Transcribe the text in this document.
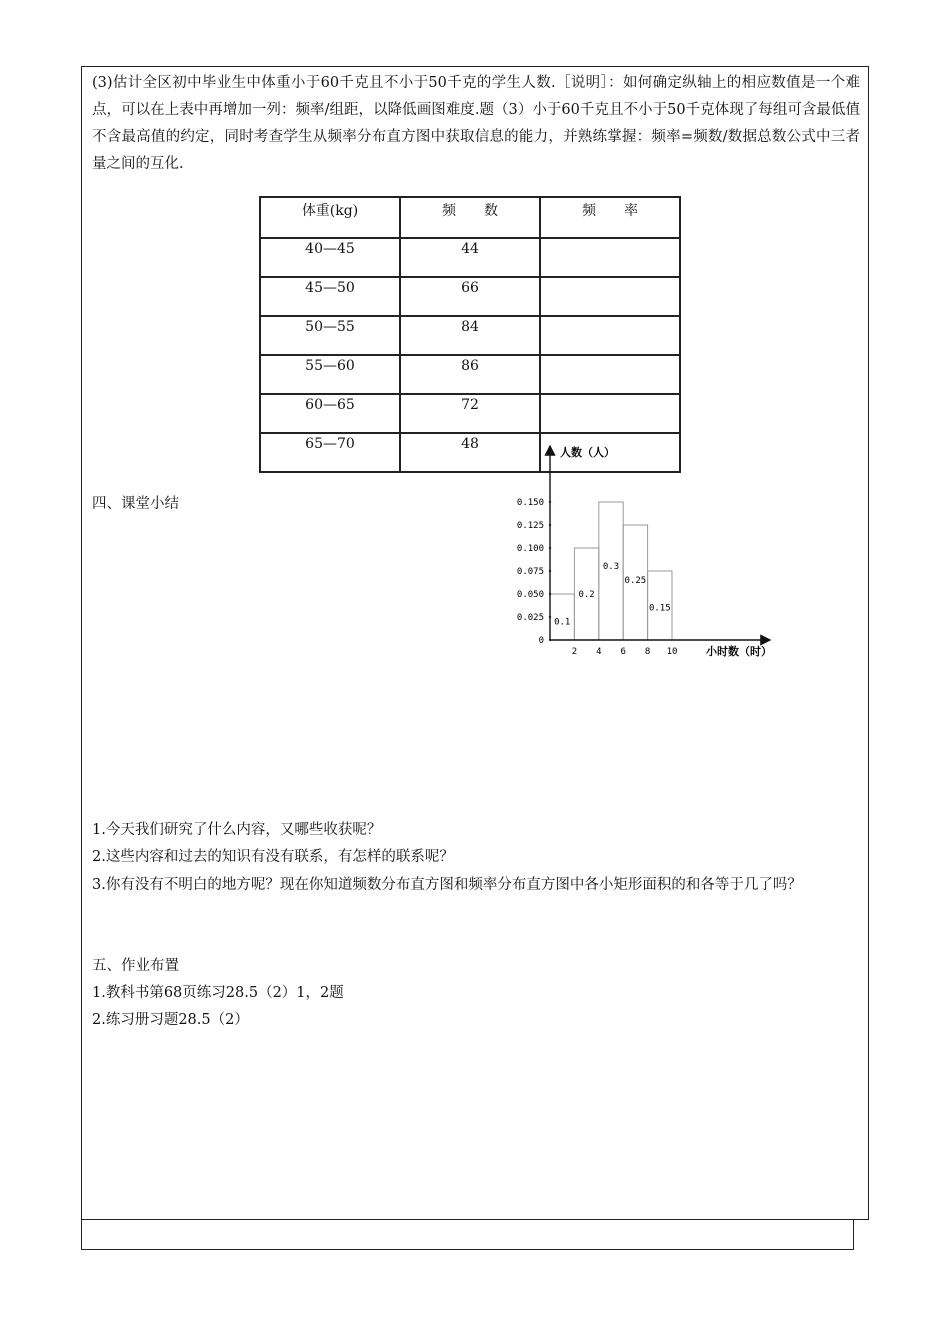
(3)估计全区初中毕业生中体重小于60千克且不小于50千克的学生人数.［说明］：如何确定纵轴上的相应数值是一个难点，可以在上表中再增加一列：频率/组距，以降低画图难度.题（3）小于60千克且不小于50千克体现了每组可含最低值不含最高值的约定，同时考查学生从频率分布直方图中获取信息的能力，并熟练掌握：频率=频数/数据总数公式中三者量之间的互化.

体重(kg)	频　　数	频　　率
40—45	44	
45—50	66	
50—55	84	
55—60	86	
60—65	72	
65—70	48	

四、课堂小结

0.1
0.2
0.3
0.25
0.15
0.150
0.125
0.100
0.075
0.050
0.025
0
2 4 6 8 10
人数（人）
小时数（时）

1.今天我们研究了什么内容，又哪些收获呢？

2.这些内容和过去的知识有没有联系，有怎样的联系呢？

3.你有没有不明白的地方呢？现在你知道频数分布直方图和频率分布直方图中各小矩形面积的和各等于几了吗？

五、作业布置

1.教科书第68页练习28.5（2）1，2题

2.练习册习题28.5（2）
